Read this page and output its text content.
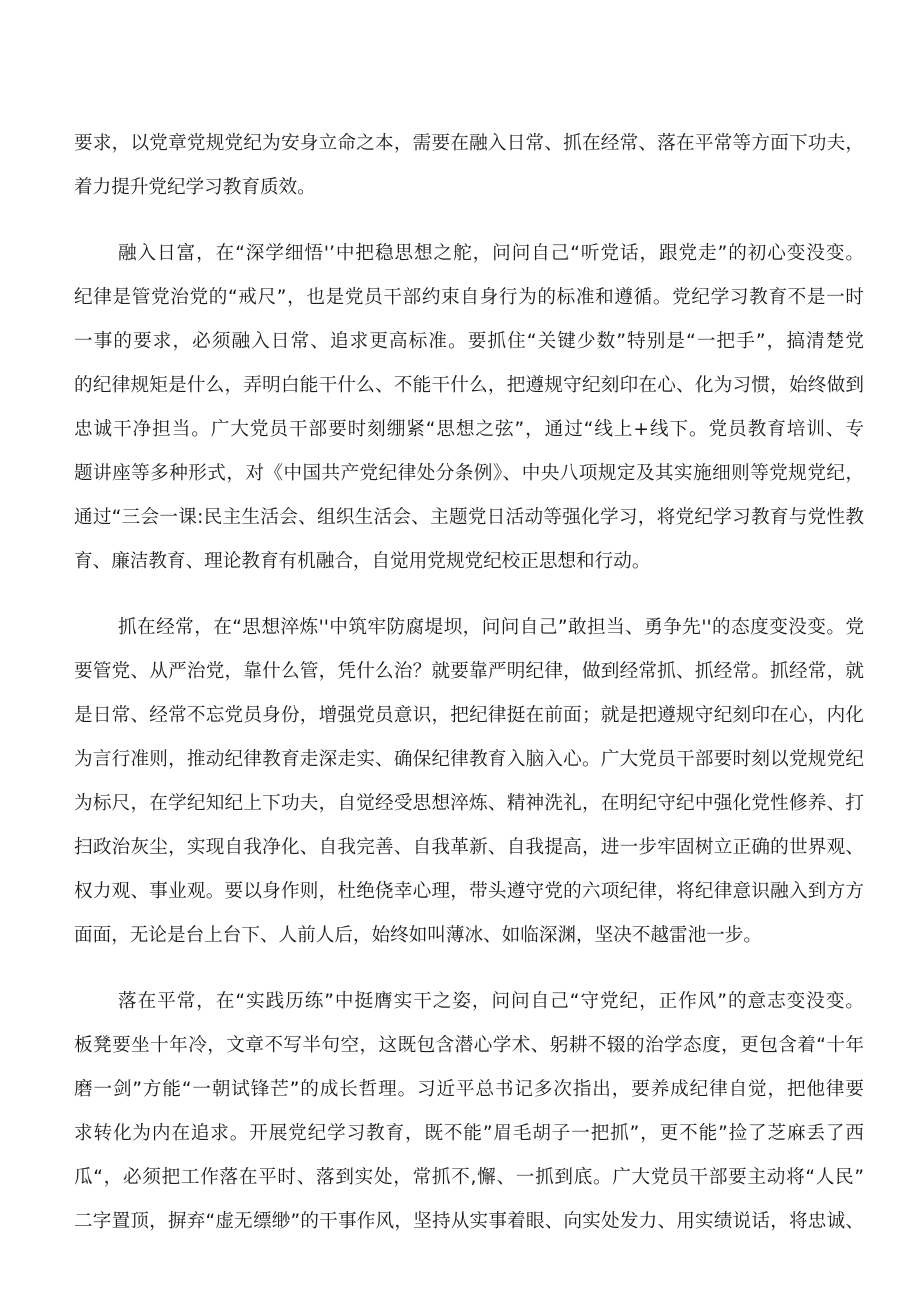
要求，以党章党规党纪为安身立命之本，需要在融入日常、抓在经常、落在平常等方面下功夫，
着力提升党纪学习教育质效。
融入日富，在“深学细悟'’中把稳思想之舵，问问自己“听党话，跟党走”的初心变没变。
纪律是管党治党的“戒尺”，也是党员干部约束自身行为的标准和遵循。党纪学习教育不是一时
一事的要求，必须融入日常、追求更高标准。要抓住“关键少数”特别是“一把手”，搞清楚党
的纪律规矩是什么，弄明白能干什么、不能干什么，把遵规守纪刻印在心、化为习惯，始终做到
忠诚干净担当。广大党员干部要时刻绷紧“思想之弦”，通过“线上+线下。党员教育培训、专
题讲座等多种形式，对《中国共产党纪律处分条例》、中央八项规定及其实施细则等党规党纪，
通过“三会一课:民主生活会、组织生活会、主题党日活动等强化学习，将党纪学习教育与党性教
育、廉洁教育、理论教育有机融合，自觉用党规党纪校正思想和行动。
抓在经常，在“思想淬炼''中筑牢防腐堤坝，问问自己”敢担当、勇争先''的态度变没变。党
要管党、从严治党，靠什么管，凭什么治？就要靠严明纪律，做到经常抓、抓经常。抓经常，就
是日常、经常不忘党员身份，增强党员意识，把纪律挺在前面；就是把遵规守纪刻印在心，内化
为言行准则，推动纪律教育走深走实、确保纪律教育入脑入心。广大党员干部要时刻以党规党纪
为标尺，在学纪知纪上下功夫，自觉经受思想淬炼、精神洗礼，在明纪守纪中强化党性修养、打
扫政治灰尘，实现自我净化、自我完善、自我革新、自我提高，进一步牢固树立正确的世界观、
权力观、事业观。要以身作则，杜绝侥幸心理，带头遵守党的六项纪律，将纪律意识融入到方方
面面，无论是台上台下、人前人后，始终如叫薄冰、如临深渊，坚决不越雷池一步。
落在平常，在“实践历练”中挺膺实干之姿，问问自己“守党纪，正作风”的意志变没变。
板凳要坐十年冷，文章不写半句空，这既包含潜心学术、躬耕不辍的治学态度，更包含着“十年
磨一剑”方能“一朝试锋芒”的成长哲理。习近平总书记多次指出，要养成纪律自觉，把他律要
求转化为内在追求。开展党纪学习教育，既不能”眉毛胡子一把抓”，更不能”捡了芝麻丢了西
瓜“，必须把工作落在平时、落到实处，常抓不,懈、一抓到底。广大党员干部要主动将“人民”
二字置顶，摒弃“虚无缥缈”的干事作风，坚持从实事着眼、向实处发力、用实绩说话，将忠诚、
